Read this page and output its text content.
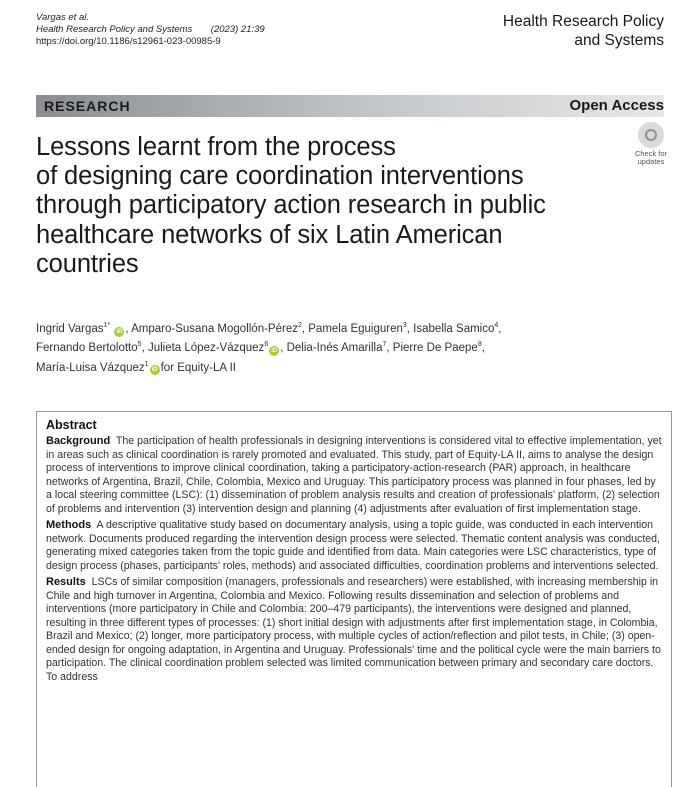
Vargas et al.
Health Research Policy and Systems (2023) 21:39
https://doi.org/10.1186/s12961-023-00985-9
Health Research Policy
and Systems
RESEARCH	Open Access
Lessons learnt from the process
of designing care coordination interventions
through participatory action research in public
healthcare networks of six Latin American
countries
Check for
updates
Ingrid Vargas$^{1*}$ iD , Amparo-Susana Mogollón-Pérez$^2$, Pamela Eguiguren$^3$, Isabella Samico$^4$,
Fernando Bertolotto$^5$, Julieta López-Vázquez$^6$iD , Delia-Inés Amarilla$^7$, Pierre De Paepe$^8$,
María-Luisa Vázquez$^1$iD for Equity-LA II
Abstract

Background The participation of health professionals in designing interventions is considered vital to effective implementation, yet in areas such as clinical coordination is rarely promoted and evaluated. This study, part of Equity-LA II, aims to analyse the design process of interventions to improve clinical coordination, taking a participatory-action-research (PAR) approach, in healthcare networks of Argentina, Brazil, Chile, Colombia, Mexico and Uruguay. This participatory process was planned in four phases, led by a local steering committee (LSC): (1) dissemination of problem analysis results and creation of professionals' platform, (2) selection of problems and intervention (3) intervention design and planning (4) adjustments after evaluation of first implementation stage.

Methods A descriptive qualitative study based on documentary analysis, using a topic guide, was conducted in each intervention network. Documents produced regarding the intervention design process were selected. Thematic content analysis was conducted, generating mixed categories taken from the topic guide and identified from data. Main categories were LSC characteristics, type of design process (phases, participants' roles, methods) and associated difficulties, coordination problems and interventions selected.

Results LSCs of similar composition (managers, professionals and researchers) were established, with increasing membership in Chile and high turnover in Argentina, Colombia and Mexico. Following results dissemination and selection of problems and interventions (more participatory in Chile and Colombia: 200–479 participants), the interventions were designed and planned, resulting in three different types of processes: (1) short initial design with adjustments after first implementation stage, in Colombia, Brazil and Mexico; (2) longer, more participatory process, with multiple cycles of action/reflection and pilot tests, in Chile; (3) open-ended design for ongoing adaptation, in Argentina and Uruguay. Professionals' time and the political cycle were the main barriers to participation. The clinical coordination problem selected was limited communication between primary and secondary care doctors. To address
